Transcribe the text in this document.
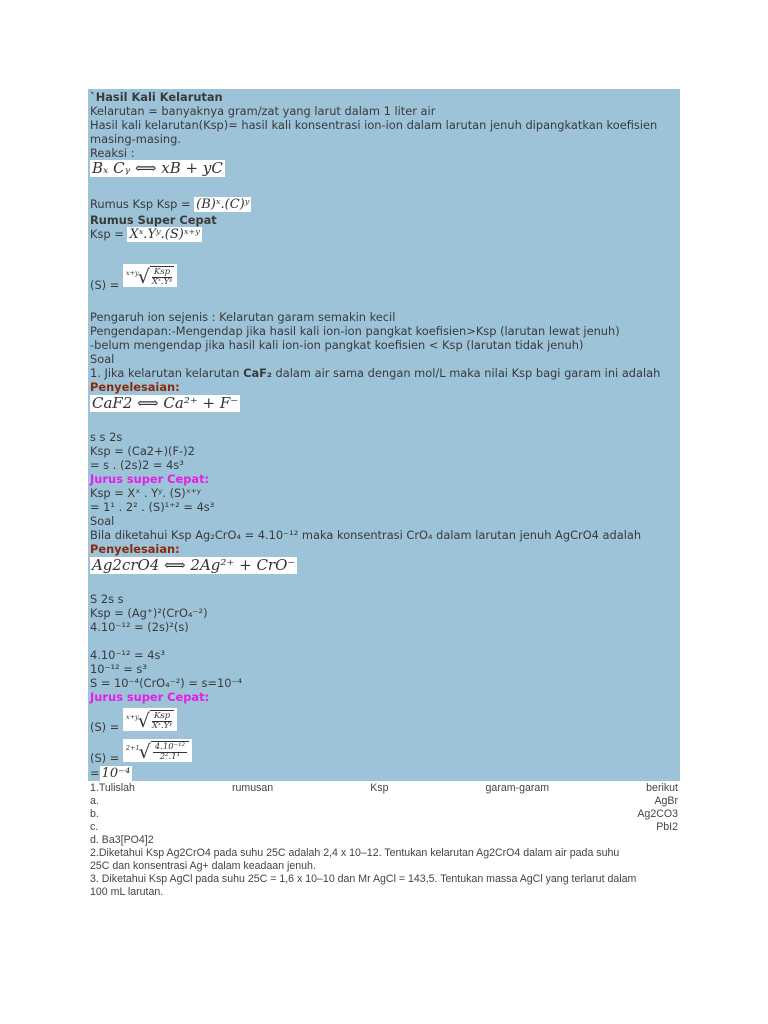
`Hasil Kali Kelarutan

Kelarutan = banyaknya gram/zat yang larut dalam 1 liter air

Hasil kali kelarutan(Ksp)= hasil kali konsentrasi ion-ion dalam larutan jenuh dipangkatkan koefisien

masing-masing.

Reaksi :

Bₓ Cᵧ ⟺ xB + yC

Rumus Ksp Ksp = (B)ˣ.(C)ʸ

Rumus Super Cepat

Ksp = Xˣ.Yʸ.(S)ˣ⁺ʸ

(S) =
x+y √ $\frac{\text{Ksp}}{\text{Xˣ.Yʸ}}$

Pengaruh ion sejenis : Kelarutan garam semakin kecil

Pengendapan:-Mengendap jika hasil kali ion-ion pangkat koefisien>Ksp (larutan lewat jenuh)

-belum mengendap jika hasil kali ion-ion pangkat koefisien < Ksp (larutan tidak jenuh)

Soal

1. Jika kelarutan kelarutan CaF₂ dalam air sama dengan mol/L maka nilai Ksp bagi garam ini adalah

Penyelesaian:

CaF2 ⟺ Ca²⁺ + F⁻

s s 2s

Ksp = (Ca2+)(F-)2

= s . (2s)2 = 4s³

Jurus super Cepat:

Ksp = Xˣ . Yʸ. (S)ˣ⁺ʸ

= 1¹ . 2² . (S)¹⁺² = 4s³

Soal

Bila diketahui Ksp Ag₂CrO₄ = 4.10⁻¹² maka konsentrasi CrO₄ dalam larutan jenuh AgCrO4 adalah

Penyelesaian:

Ag2crO4 ⟺ 2Ag²⁺ + CrO⁻

S 2s s

Ksp = (Ag⁺)²(CrO₄⁻²)

4.10⁻¹² = (2s)²(s)

4.10⁻¹² = 4s³

10⁻¹² = s³

S = 10⁻⁴(CrO₄⁻²) = s=10⁻⁴

Jurus super Cepat:

(S) =
x+y √ $\frac{\text{Ksp}}{\text{Xˣ.Yʸ}}$
(S) =
2+1 √ $\frac{\text{4.10⁻¹²}}{\text{2².1¹}}$

= 10⁻⁴

1.Tulislah	rumusan	Ksp	garam-garam	berikut
a.	AgBr
b.	Ag2CO3
c.	PbI2

d. Ba3[PO4]2

2.Diketahui Ksp Ag2CrO4 pada suhu 25C adalah 2,4 x 10–12. Tentukan kelarutan Ag2CrO4 dalam air pada suhu

25C dan konsentrasi Ag+ dalam keadaan jenuh.

3. Diketahui Ksp AgCl pada suhu 25C = 1,6 x 10–10 dan Mr AgCl = 143,5. Tentukan massa AgCl yang terlarut dalam

100 mL larutan.
